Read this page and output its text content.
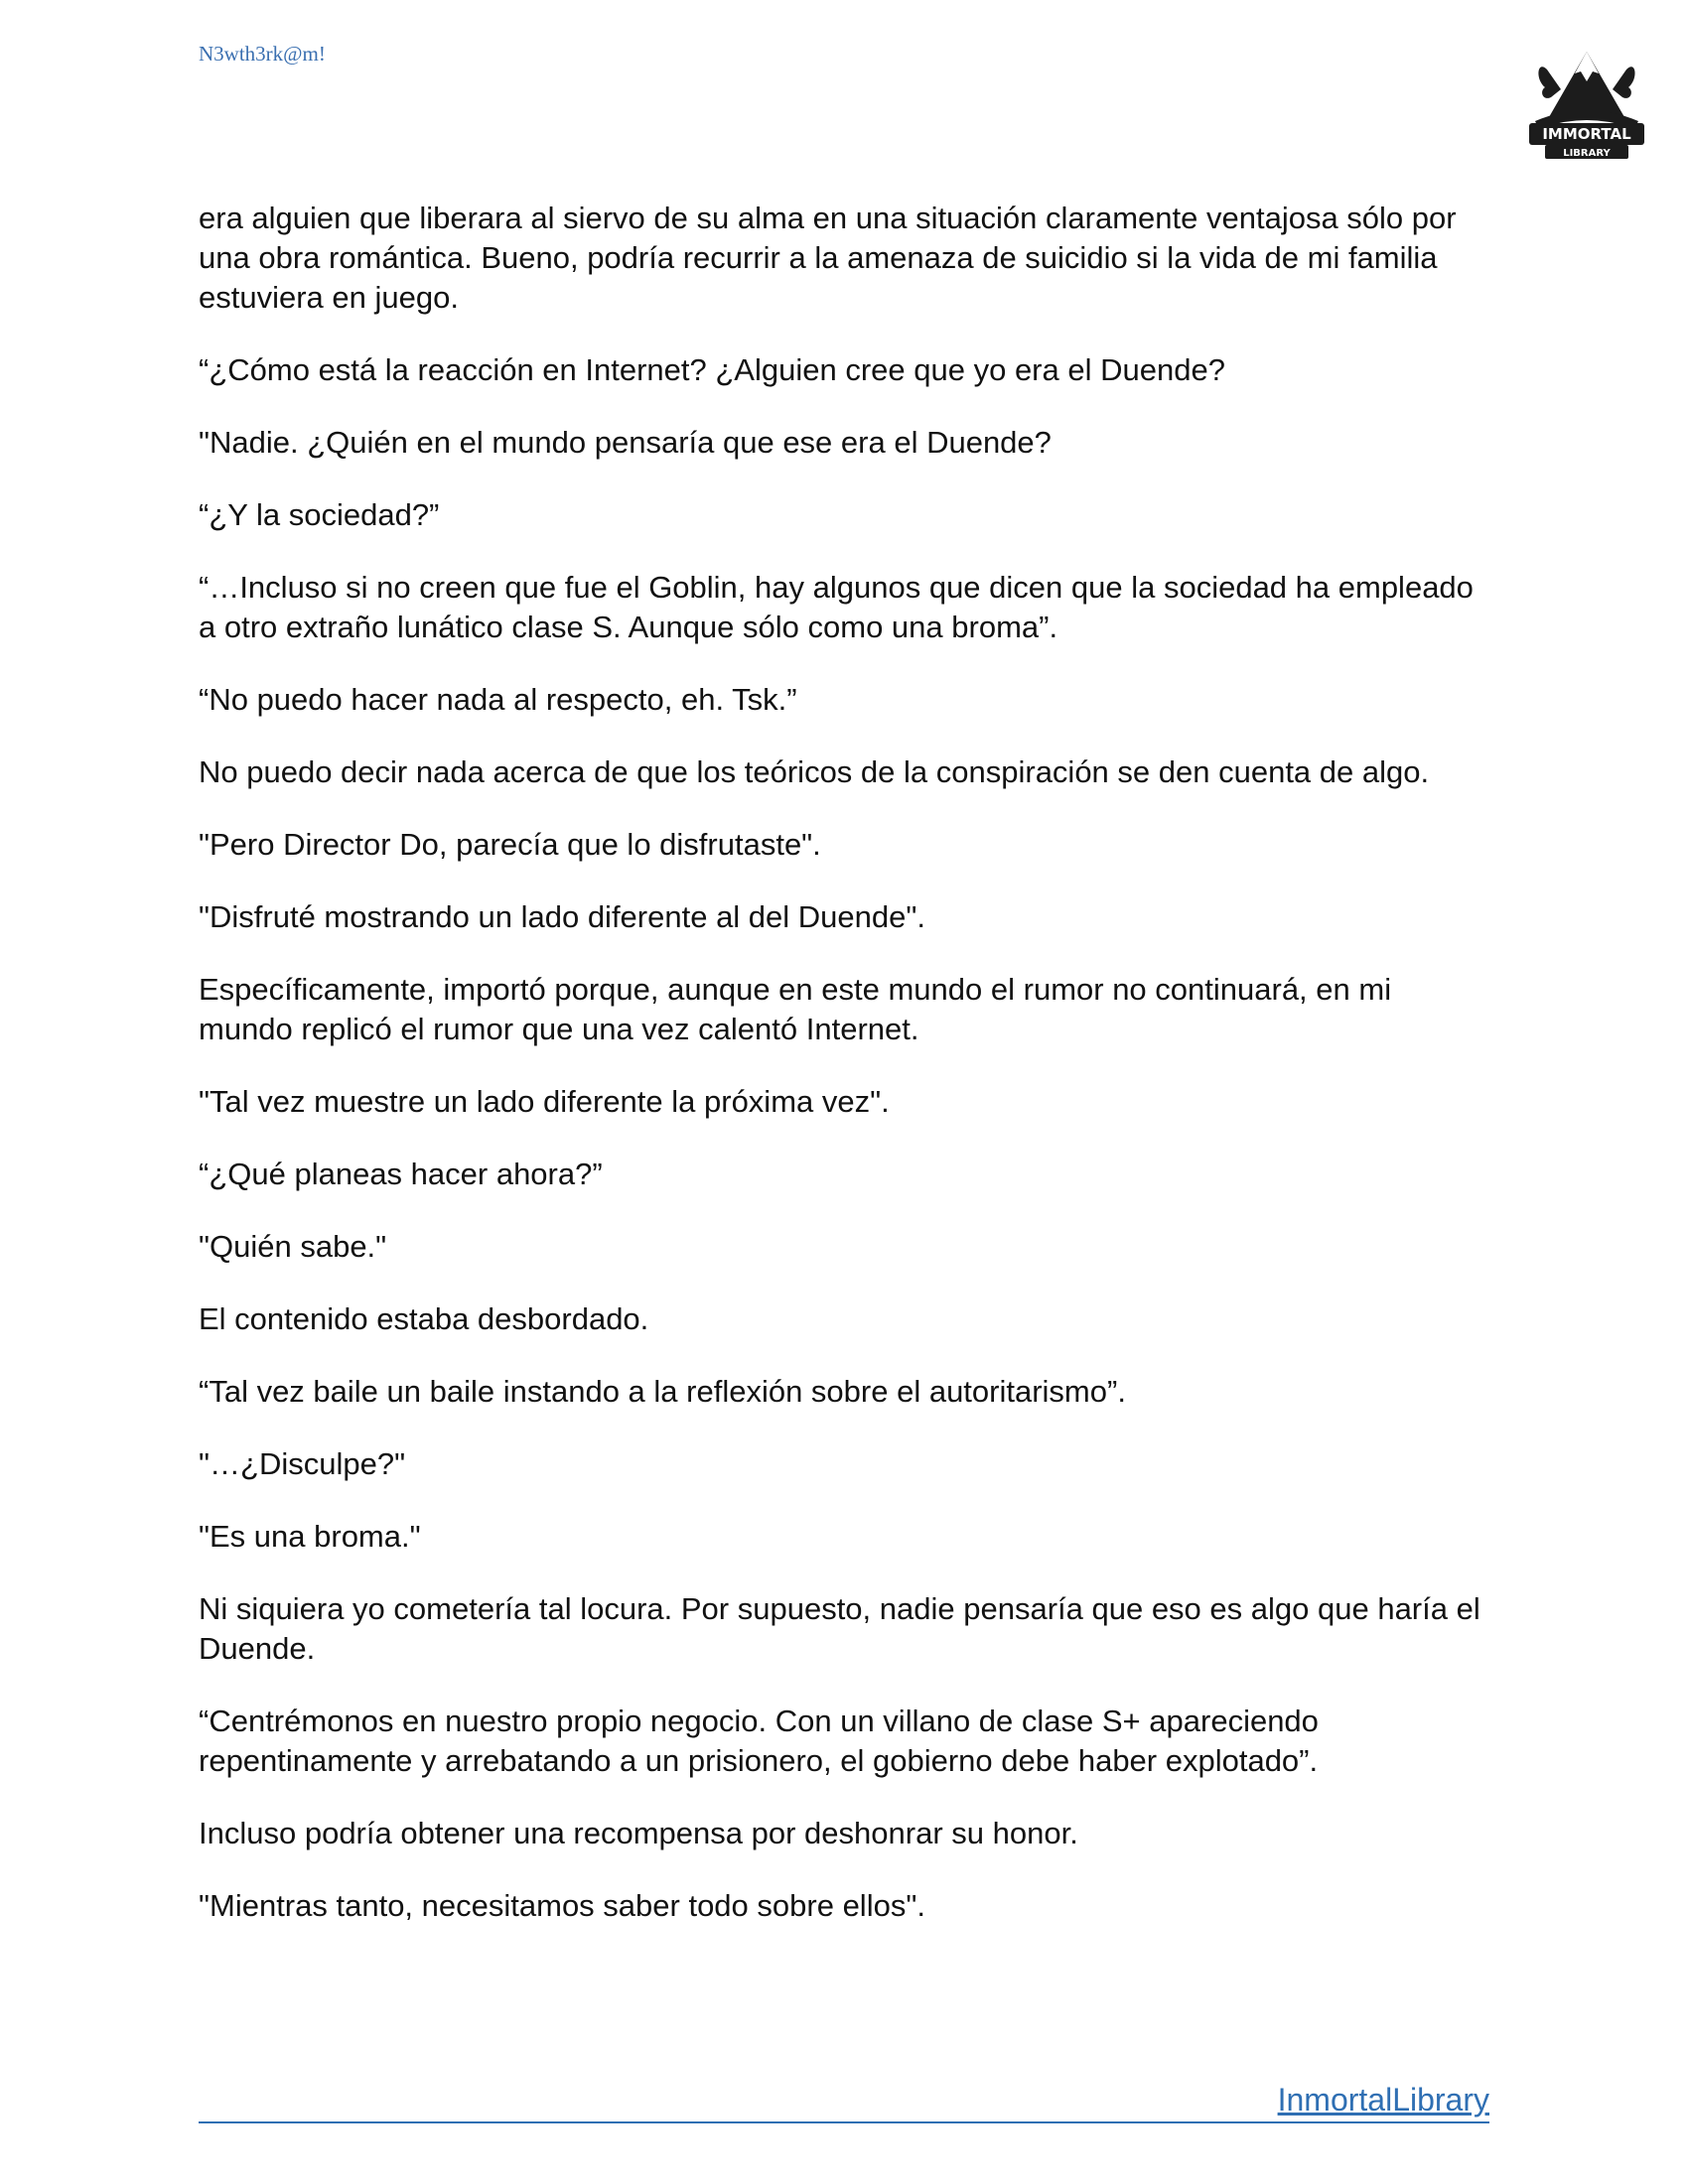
N3wth3rk@m!
IMMORTAL
LIBRARY

era alguien que liberara al siervo de su alma en una situación claramente ventajosa sólo por una obra romántica. Bueno, podría recurrir a la amenaza de suicidio si la vida de mi familia estuviera en juego.

“¿Cómo está la reacción en Internet? ¿Alguien cree que yo era el Duende?

"Nadie. ¿Quién en el mundo pensaría que ese era el Duende?

“¿Y la sociedad?”

“…Incluso si no creen que fue el Goblin, hay algunos que dicen que la sociedad ha empleado a otro extraño lunático clase S. Aunque sólo como una broma”.

“No puedo hacer nada al respecto, eh. Tsk.”

No puedo decir nada acerca de que los teóricos de la conspiración se den cuenta de algo.

"Pero Director Do, parecía que lo disfrutaste".

"Disfruté mostrando un lado diferente al del Duende".

Específicamente, importó porque, aunque en este mundo el rumor no continuará, en mi mundo replicó el rumor que una vez calentó Internet.

"Tal vez muestre un lado diferente la próxima vez".

“¿Qué planeas hacer ahora?”

"Quién sabe."

El contenido estaba desbordado.

“Tal vez baile un baile instando a la reflexión sobre el autoritarismo”.

"…¿Disculpe?"

"Es una broma."

Ni siquiera yo cometería tal locura. Por supuesto, nadie pensaría que eso es algo que haría el Duende.

“Centrémonos en nuestro propio negocio. Con un villano de clase S+ apareciendo repentinamente y arrebatando a un prisionero, el gobierno debe haber explotado”.

Incluso podría obtener una recompensa por deshonrar su honor.

"Mientras tanto, necesitamos saber todo sobre ellos".

InmortalLibrary
